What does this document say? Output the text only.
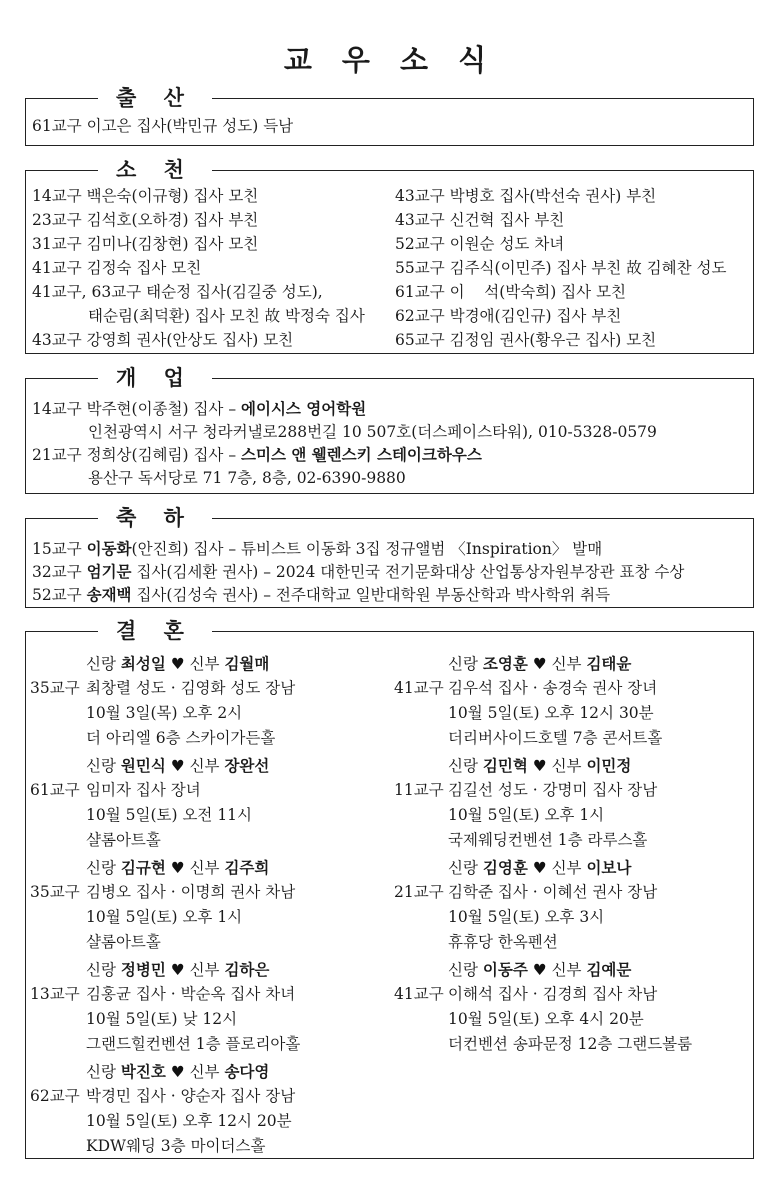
교 우 소 식
출 산
61교구 이고은 집사(박민규 성도) 득남
소 천
14교구 백은숙(이규형) 집사 모친
23교구 김석호(오하경) 집사 부친
31교구 김미나(김창현) 집사 모친
41교구 김정숙 집사 모친
41교구, 63교구 태순정 집사(김길중 성도),
태순림(최덕환) 집사 모친 故 박정숙 집사
43교구 강영희 권사(안상도 집사) 모친
43교구 박병호 집사(박선숙 권사) 부친
43교구 신건혁 집사 부친
52교구 이원순 성도 차녀
55교구 김주식(이민주) 집사 부친 故 김혜찬 성도
61교구 이    석(박숙희) 집사 모친
62교구 박경애(김인규) 집사 부친
65교구 김정임 권사(황우근 집사) 모친
개 업
14교구 박주현(이종철) 집사 – 에이시스 영어학원
인천광역시 서구 청라커낼로288번길 10 507호(더스페이스타워), 010-5328-0579
21교구 정희상(김혜림) 집사 – 스미스 앤 웰렌스키 스테이크하우스
용산구 독서당로 71 7층, 8층, 02-6390-9880
축 하
15교구 이동화(안진희) 집사 – 튜비스트 이동화 3집 정규앨범 〈Inspiration〉 발매
32교구 엄기문 집사(김세환 권사) – 2024 대한민국 전기문화대상 산업통상자원부장관 표창 수상
52교구 송재백 집사(김성숙 권사) – 전주대학교 일반대학원 부동산학과 박사학위 취득
결 혼
신랑 최성일 ♥ 신부 김월매
35교구 최창렬 성도 · 김영화 성도 장남
10월 3일(목) 오후 2시
더 아리엘 6층 스카이가든홀
신랑 원민식 ♥ 신부 장완선
61교구 임미자 집사 장녀
10월 5일(토) 오전 11시
샬롬아트홀
신랑 김규현 ♥ 신부 김주희
35교구 김병오 집사 · 이명희 권사 차남
10월 5일(토) 오후 1시
샬롬아트홀
신랑 정병민 ♥ 신부 김하은
13교구 김홍균 집사 · 박순옥 집사 차녀
10월 5일(토) 낮 12시
그랜드힐컨벤션 1층 플로리아홀
신랑 박진호 ♥ 신부 송다영
62교구 박경민 집사 · 양순자 집사 장남
10월 5일(토) 오후 12시 20분
KDW웨딩 3층 마이더스홀
신랑 조영훈 ♥ 신부 김태윤
41교구 김우석 집사 · 송경숙 권사 장녀
10월 5일(토) 오후 12시 30분
더리버사이드호텔 7층 콘서트홀
신랑 김민혁 ♥ 신부 이민정
11교구 김길선 성도 · 강명미 집사 장남
10월 5일(토) 오후 1시
국제웨딩컨벤션 1층 라루스홀
신랑 김영훈 ♥ 신부 이보나
21교구 김학준 집사 · 이혜선 권사 장남
10월 5일(토) 오후 3시
휴휴당 한옥펜션
신랑 이동주 ♥ 신부 김예문
41교구 이해석 집사 · 김경희 집사 차남
10월 5일(토) 오후 4시 20분
더컨벤션 송파문정 12층 그랜드볼룸
